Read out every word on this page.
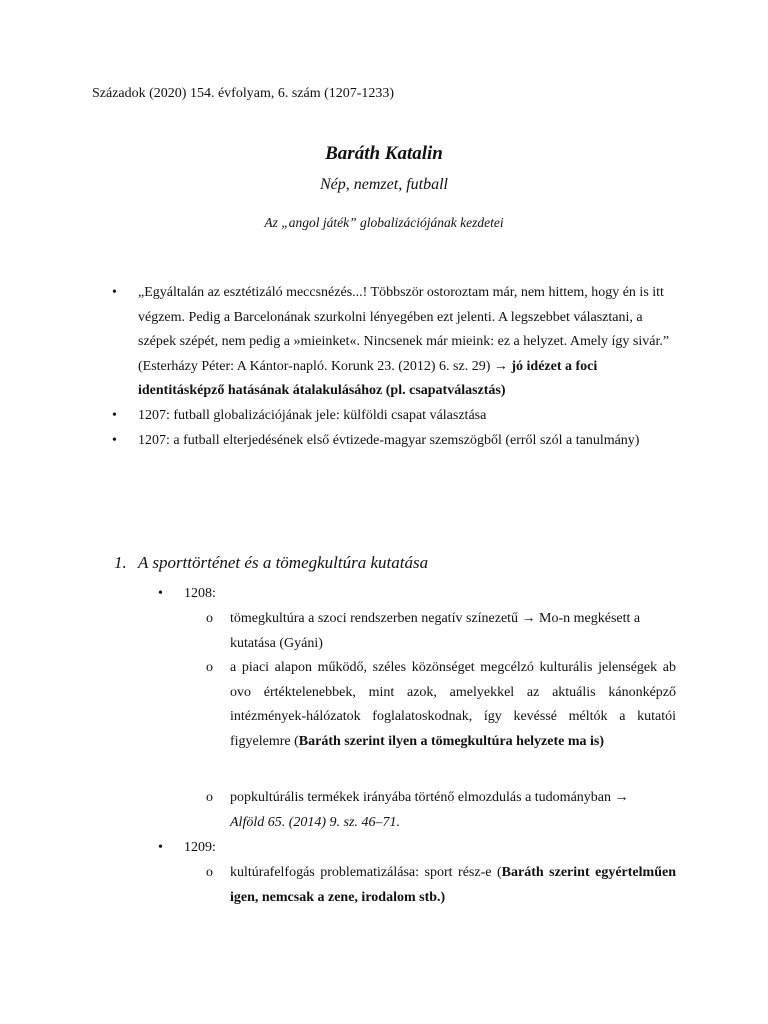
Századok (2020) 154. évfolyam, 6. szám (1207-1233)
Baráth Katalin
Nép, nemzet, futball
Az „angol játék” globalizációjának kezdetei
• „Egyáltalán az esztétizáló meccsnézés...! Többször ostoroztam már, nem hittem, hogy én is itt végzem. Pedig a Barcelonának szurkolni lényegében ezt jelenti. A legszebbet választani, a szépek szépét, nem pedig a »mieinket«. Nincsenek már mieink: ez a helyzet. Amely így sivár.” (Esterházy Péter: A Kántor-napló. Korunk 23. (2012) 6. sz. 29) → jó idézet a foci identitásképző hatásának átalakulásához (pl. csapatválasztás)
• 1207: futball globalizációjának jele: külföldi csapat választása
• 1207: a futball elterjedésének első évtizede-magyar szemszögből (erről szól a tanulmány)
1. A sporttörténet és a tömegkultúra kutatása
• 1208:
o	tömegkultúra a szoci rendszerben negatív színezetű → Mo-n megkésett a kutatása (Gyáni)
o	a piaci alapon működő, széles közönséget megcélzó kulturális jelenségek ab ovo értéktelenebbek, mint azok, amelyekkel az aktuális kánonképző intézmények-hálózatok foglalatoskodnak, így kevéssé méltók a kutatói figyelemre (Baráth szerint ilyen a tömegkultúra helyzete ma is)
o	popkultúrális termékek irányába történő elmozdulás a tudományban →
Alföld 65. (2014) 9. sz. 46–71.
• 1209:
o	kultúrafelfogás problematizálása: sport rész-e (Baráth szerint egyértelműen igen, nemcsak a zene, irodalom stb.)
